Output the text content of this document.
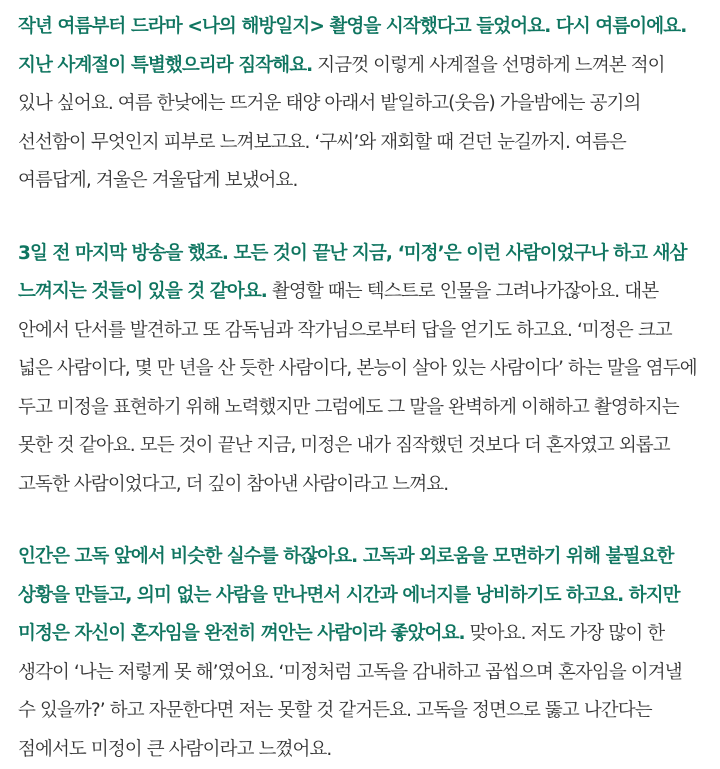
작년 여름부터 드라마 <나의 해방일지> 촬영을 시작했다고 들었어요. 다시 여름이에요. 지난 사계절이 특별했으리라 짐작해요. 지금껏 이렇게 사계절을 선명하게 느껴본 적이 있나 싶어요. 여름 한낮에는 뜨거운 태양 아래서 밭일하고(웃음) 가을밤에는 공기의 선선함이 무엇인지 피부로 느껴보고요. ‘구씨’와 재회할 때 걷던 눈길까지. 여름은 여름답게, 겨울은 겨울답게 보냈어요.

3일 전 마지막 방송을 했죠. 모든 것이 끝난 지금, ‘미정’은 이런 사람이었구나 하고 새삼 느껴지는 것들이 있을 것 같아요. 촬영할 때는 텍스트로 인물을 그려나가잖아요. 대본 안에서 단서를 발견하고 또 감독님과 작가님으로부터 답을 얻기도 하고요. ‘미정은 크고 넓은 사람이다, 몇 만 년을 산 듯한 사람이다, 본능이 살아 있는 사람이다’ 하는 말을 염두에 두고 미정을 표현하기 위해 노력했지만 그럼에도 그 말을 완벽하게 이해하고 촬영하지는 못한 것 같아요. 모든 것이 끝난 지금, 미정은 내가 짐작했던 것보다 더 혼자였고 외롭고 고독한 사람이었다고, 더 깊이 참아낸 사람이라고 느껴요.

인간은 고독 앞에서 비슷한 실수를 하잖아요. 고독과 외로움을 모면하기 위해 불필요한 상황을 만들고, 의미 없는 사람을 만나면서 시간과 에너지를 낭비하기도 하고요. 하지만 미정은 자신이 혼자임을 완전히 껴안는 사람이라 좋았어요. 맞아요. 저도 가장 많이 한 생각이 ‘나는 저렇게 못 해’였어요. ‘미정처럼 고독을 감내하고 곱씹으며 혼자임을 이겨낼 수 있을까?’ 하고 자문한다면 저는 못할 것 같거든요. 고독을 정면으로 뚫고 나간다는 점에서도 미정이 큰 사람이라고 느꼈어요.
